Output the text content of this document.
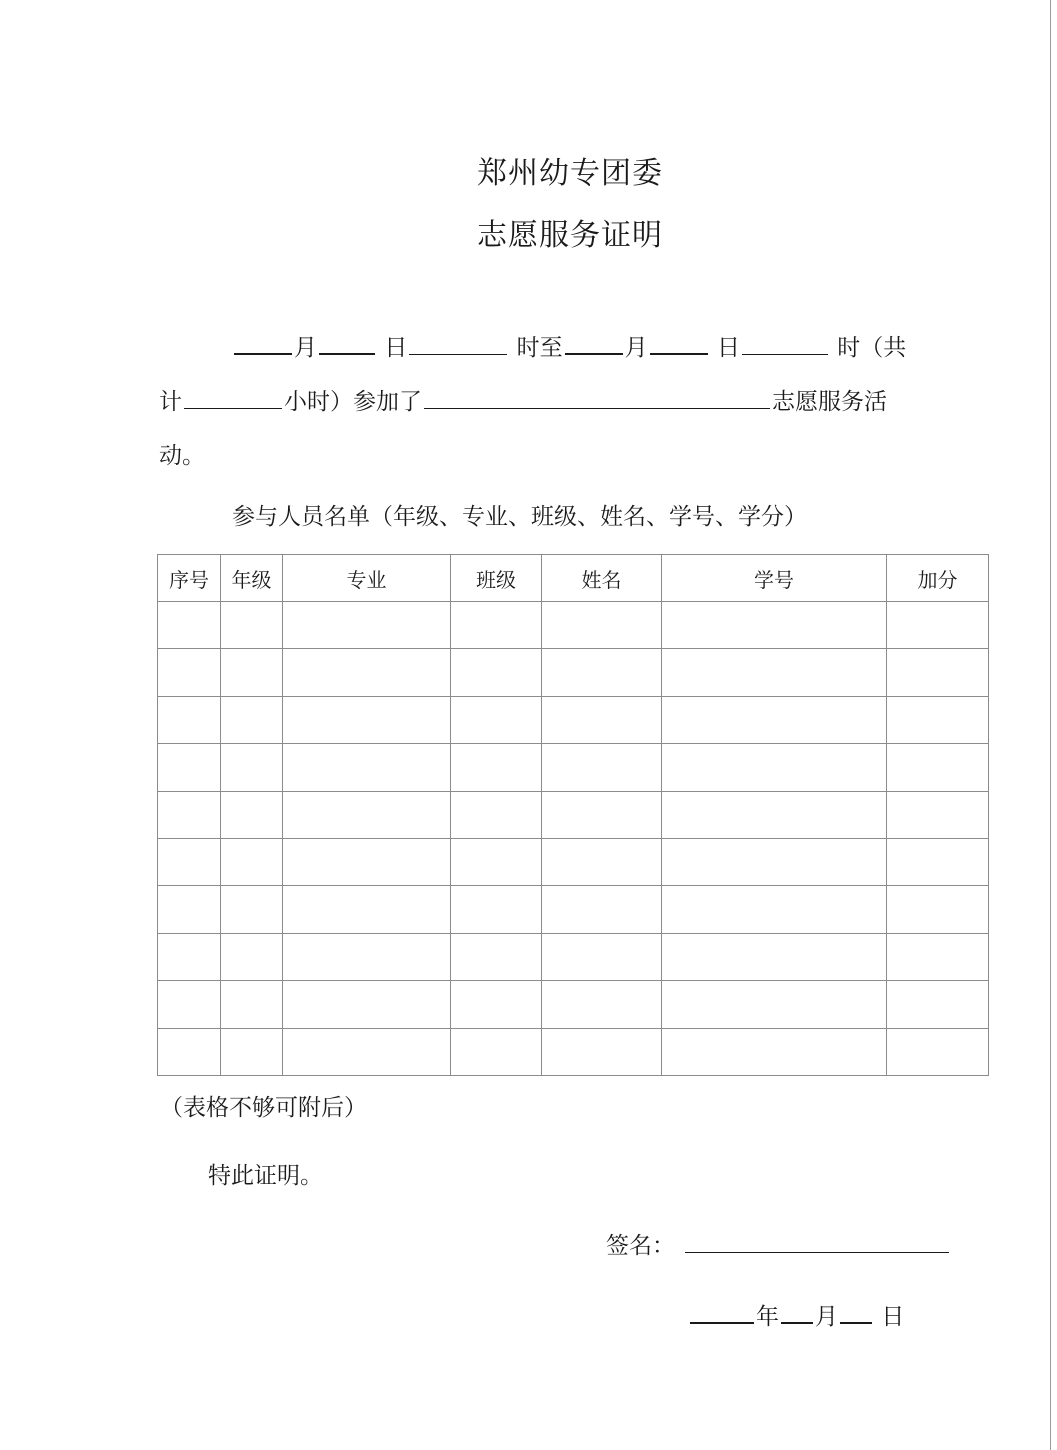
郑州幼专团委
志愿服务证明
月	日	时至	月	日	时（共
计	小时）参加了	志愿服务活
动。
参与人员名单（年级、专业、班级、姓名、学号、学分）
序号	年级	专业	班级	姓名	学号	加分

（表格不够可附后）
特此证明。
签名：
年 月 日
